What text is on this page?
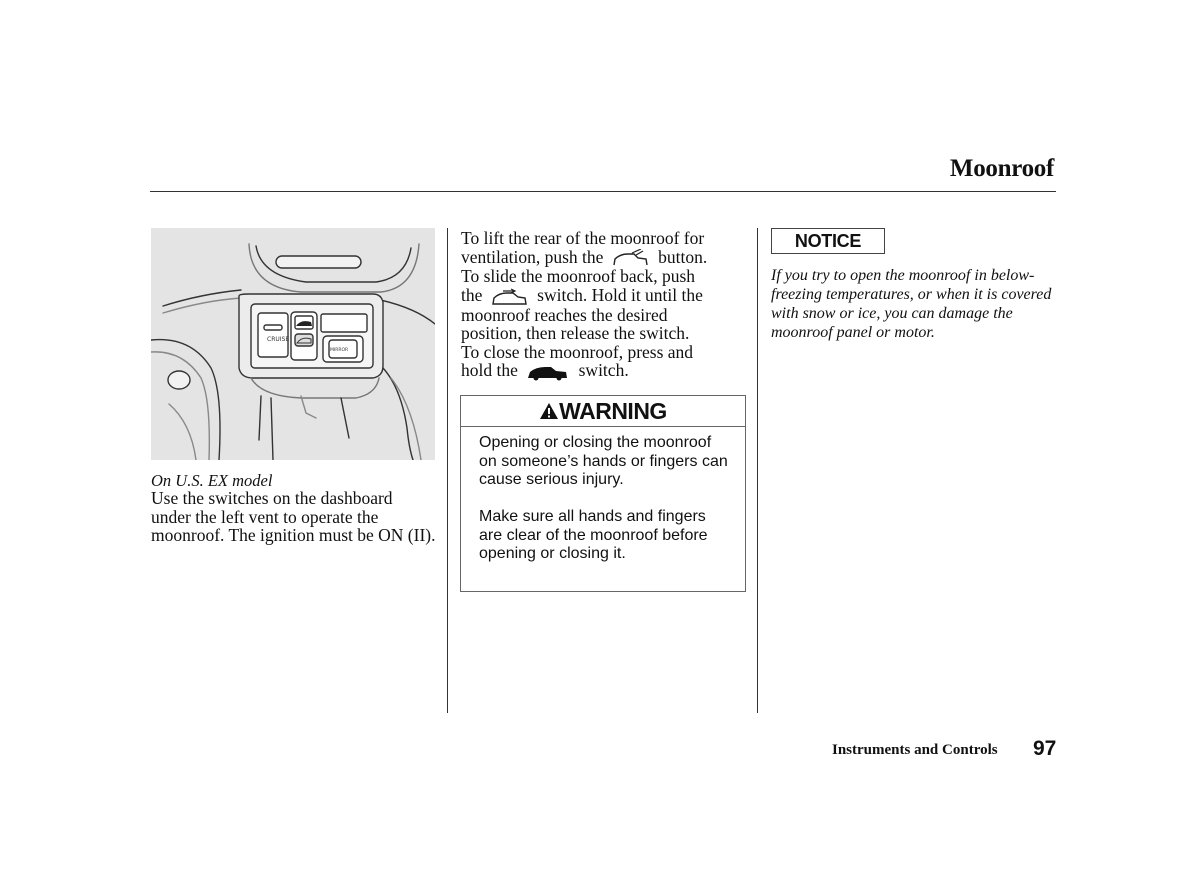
Moonroof
CRUISE
MIRROR
On U.S. EX model
Use the switches on the dashboard under the left vent to operate the moonroof. The ignition must be ON (II).
To lift the rear of the moonroof for
ventilation, push the	button.
To slide the moonroof back, push
the	switch. Hold it until the
moonroof reaches the desired
position, then release the switch.
To close the moonroof, press and
hold the	switch.
WARNING

Opening or closing the moonroof on someone’s hands or fingers can cause serious injury.

Make sure all hands and fingers are clear of the moonroof before opening or closing it.

NOTICE
If you try to open the moonroof in below-freezing temperatures, or when it is covered with snow or ice, you can damage the moonroof panel or motor.
Instruments and Controls 97
